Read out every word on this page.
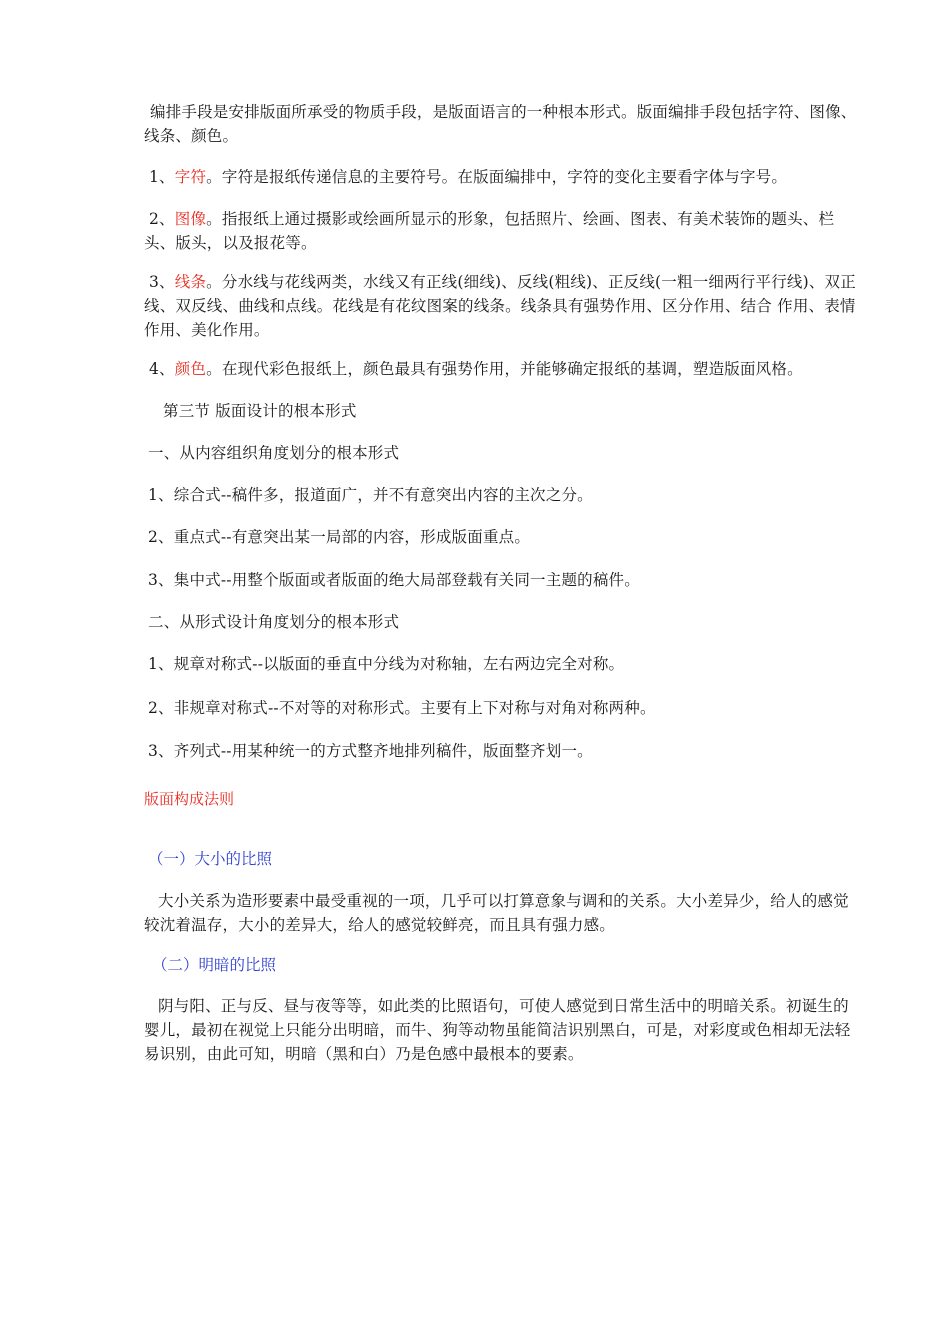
编排手段是安排版面所承受的物质手段，是版面语言的一种根本形式。版面编排手段包括字符、图像、线条、颜色。

1、字符。字符是报纸传递信息的主要符号。在版面编排中，字符的变化主要看字体与字号。

2、图像。指报纸上通过摄影或绘画所显示的形象，包括照片、绘画、图表、有美术装饰的题头、栏头、版头，以及报花等。

3、线条。分水线与花线两类，水线又有正线(细线)、反线(粗线)、正反线(一粗一细两行平行线)、双正线、双反线、曲线和点线。花线是有花纹图案的线条。线条具有强势作用、区分作用、结合 作用、表情作用、美化作用。

4、颜色。在现代彩色报纸上，颜色最具有强势作用，并能够确定报纸的基调，塑造版面风格。

第三节 版面设计的根本形式

一、从内容组织角度划分的根本形式

1、综合式--稿件多，报道面广，并不有意突出内容的主次之分。

2、重点式--有意突出某一局部的内容，形成版面重点。

3、集中式--用整个版面或者版面的绝大局部登载有关同一主题的稿件。

二、从形式设计角度划分的根本形式

1、规章对称式--以版面的垂直中分线为对称轴，左右两边完全对称。

2、非规章对称式--不对等的对称形式。主要有上下对称与对角对称两种。

3、齐列式--用某种统一的方式整齐地排列稿件，版面整齐划一。

版面构成法则

（一）大小的比照

大小关系为造形要素中最受重视的一项，几乎可以打算意象与调和的关系。大小差异少，给人的感觉较沈着温存，大小的差异大，给人的感觉较鲜亮，而且具有强力感。

（二）明暗的比照

阴与阳、正与反、昼与夜等等，如此类的比照语句，可使人感觉到日常生活中的明暗关系。初诞生的婴儿，最初在视觉上只能分出明暗，而牛、狗等动物虽能简洁识别黑白，可是，对彩度或色相却无法轻易识别，由此可知，明暗（黑和白）乃是色感中最根本的要素。
